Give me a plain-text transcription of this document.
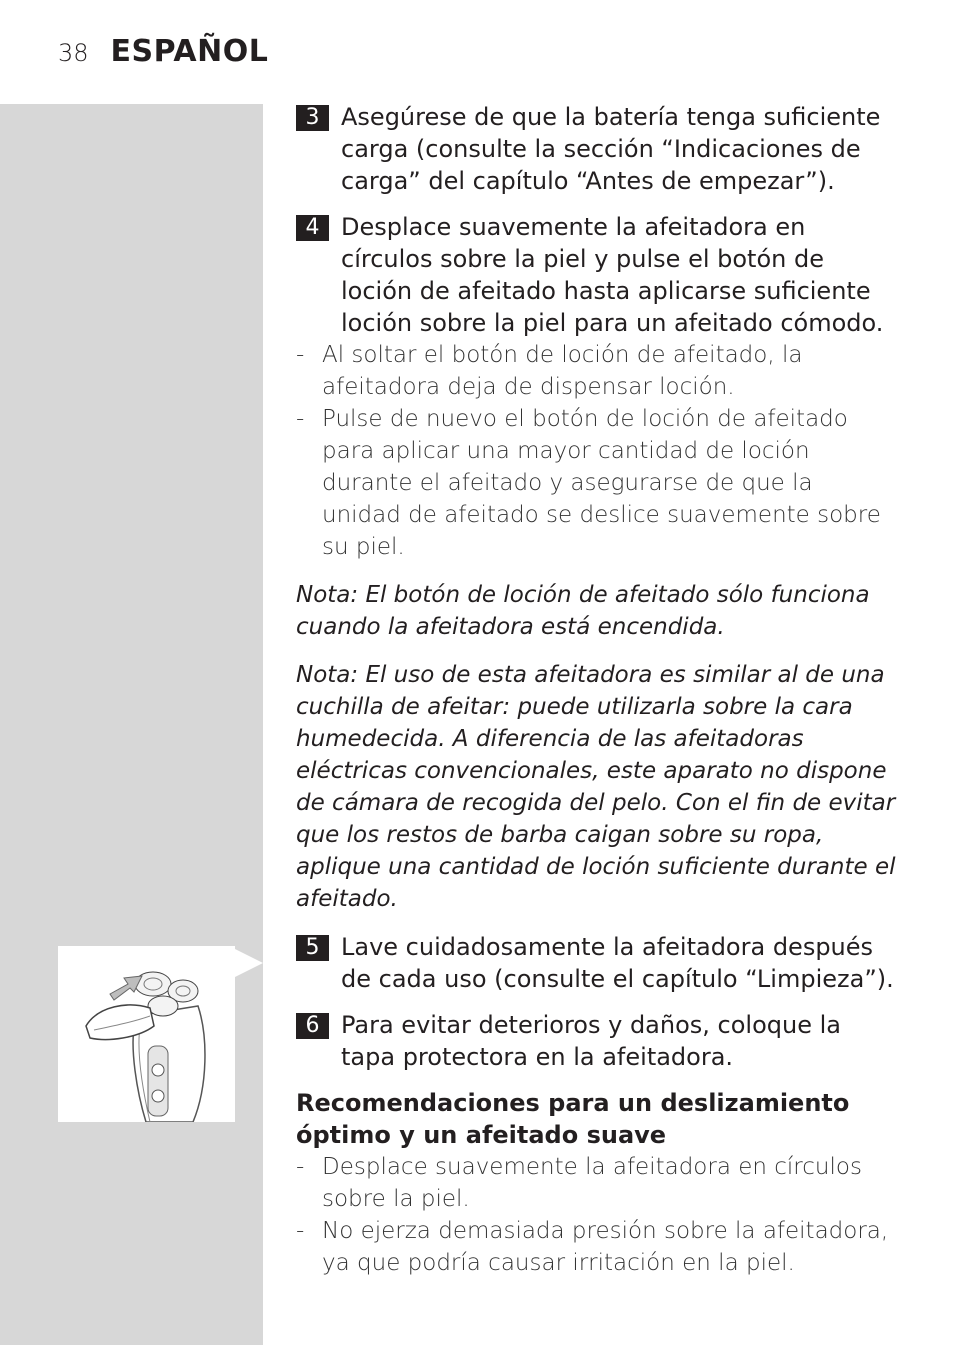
38 ESPAÑOL
3 Asegúrese de que la batería tenga suficiente carga (consulte la sección “Indicaciones de carga” del capítulo “Antes de empezar”).
4 Desplace suavemente la afeitadora en círculos sobre la piel y pulse el botón de loción de afeitado hasta aplicarse suficiente loción sobre la piel para un afeitado cómodo.
- Al soltar el botón de loción de afeitado, la afeitadora deja de dispensar loción.
- Pulse de nuevo el botón de loción de afeitado para aplicar una mayor cantidad de loción durante el afeitado y asegurarse de que la unidad de afeitado se deslice suavemente sobre su piel.

Nota: El botón de loción de afeitado sólo funciona cuando la afeitadora está encendida.

Nota: El uso de esta afeitadora es similar al de una cuchilla de afeitar: puede utilizarla sobre la cara humedecida. A diferencia de las afeitadoras eléctricas convencionales, este aparato no dispone de cámara de recogida del pelo. Con el fin de evitar que los restos de barba caigan sobre su ropa, aplique una cantidad de loción suficiente durante el afeitado.

5 Lave cuidadosamente la afeitadora después de cada uso (consulte el capítulo “Limpieza”).
6 Para evitar deterioros y daños, coloque la tapa protectora en la afeitadora.

Recomendaciones para un deslizamiento óptimo y un afeitado suave

- Desplace suavemente la afeitadora en círculos sobre la piel.
- No ejerza demasiada presión sobre la afeitadora, ya que podría causar irritación en la piel.
